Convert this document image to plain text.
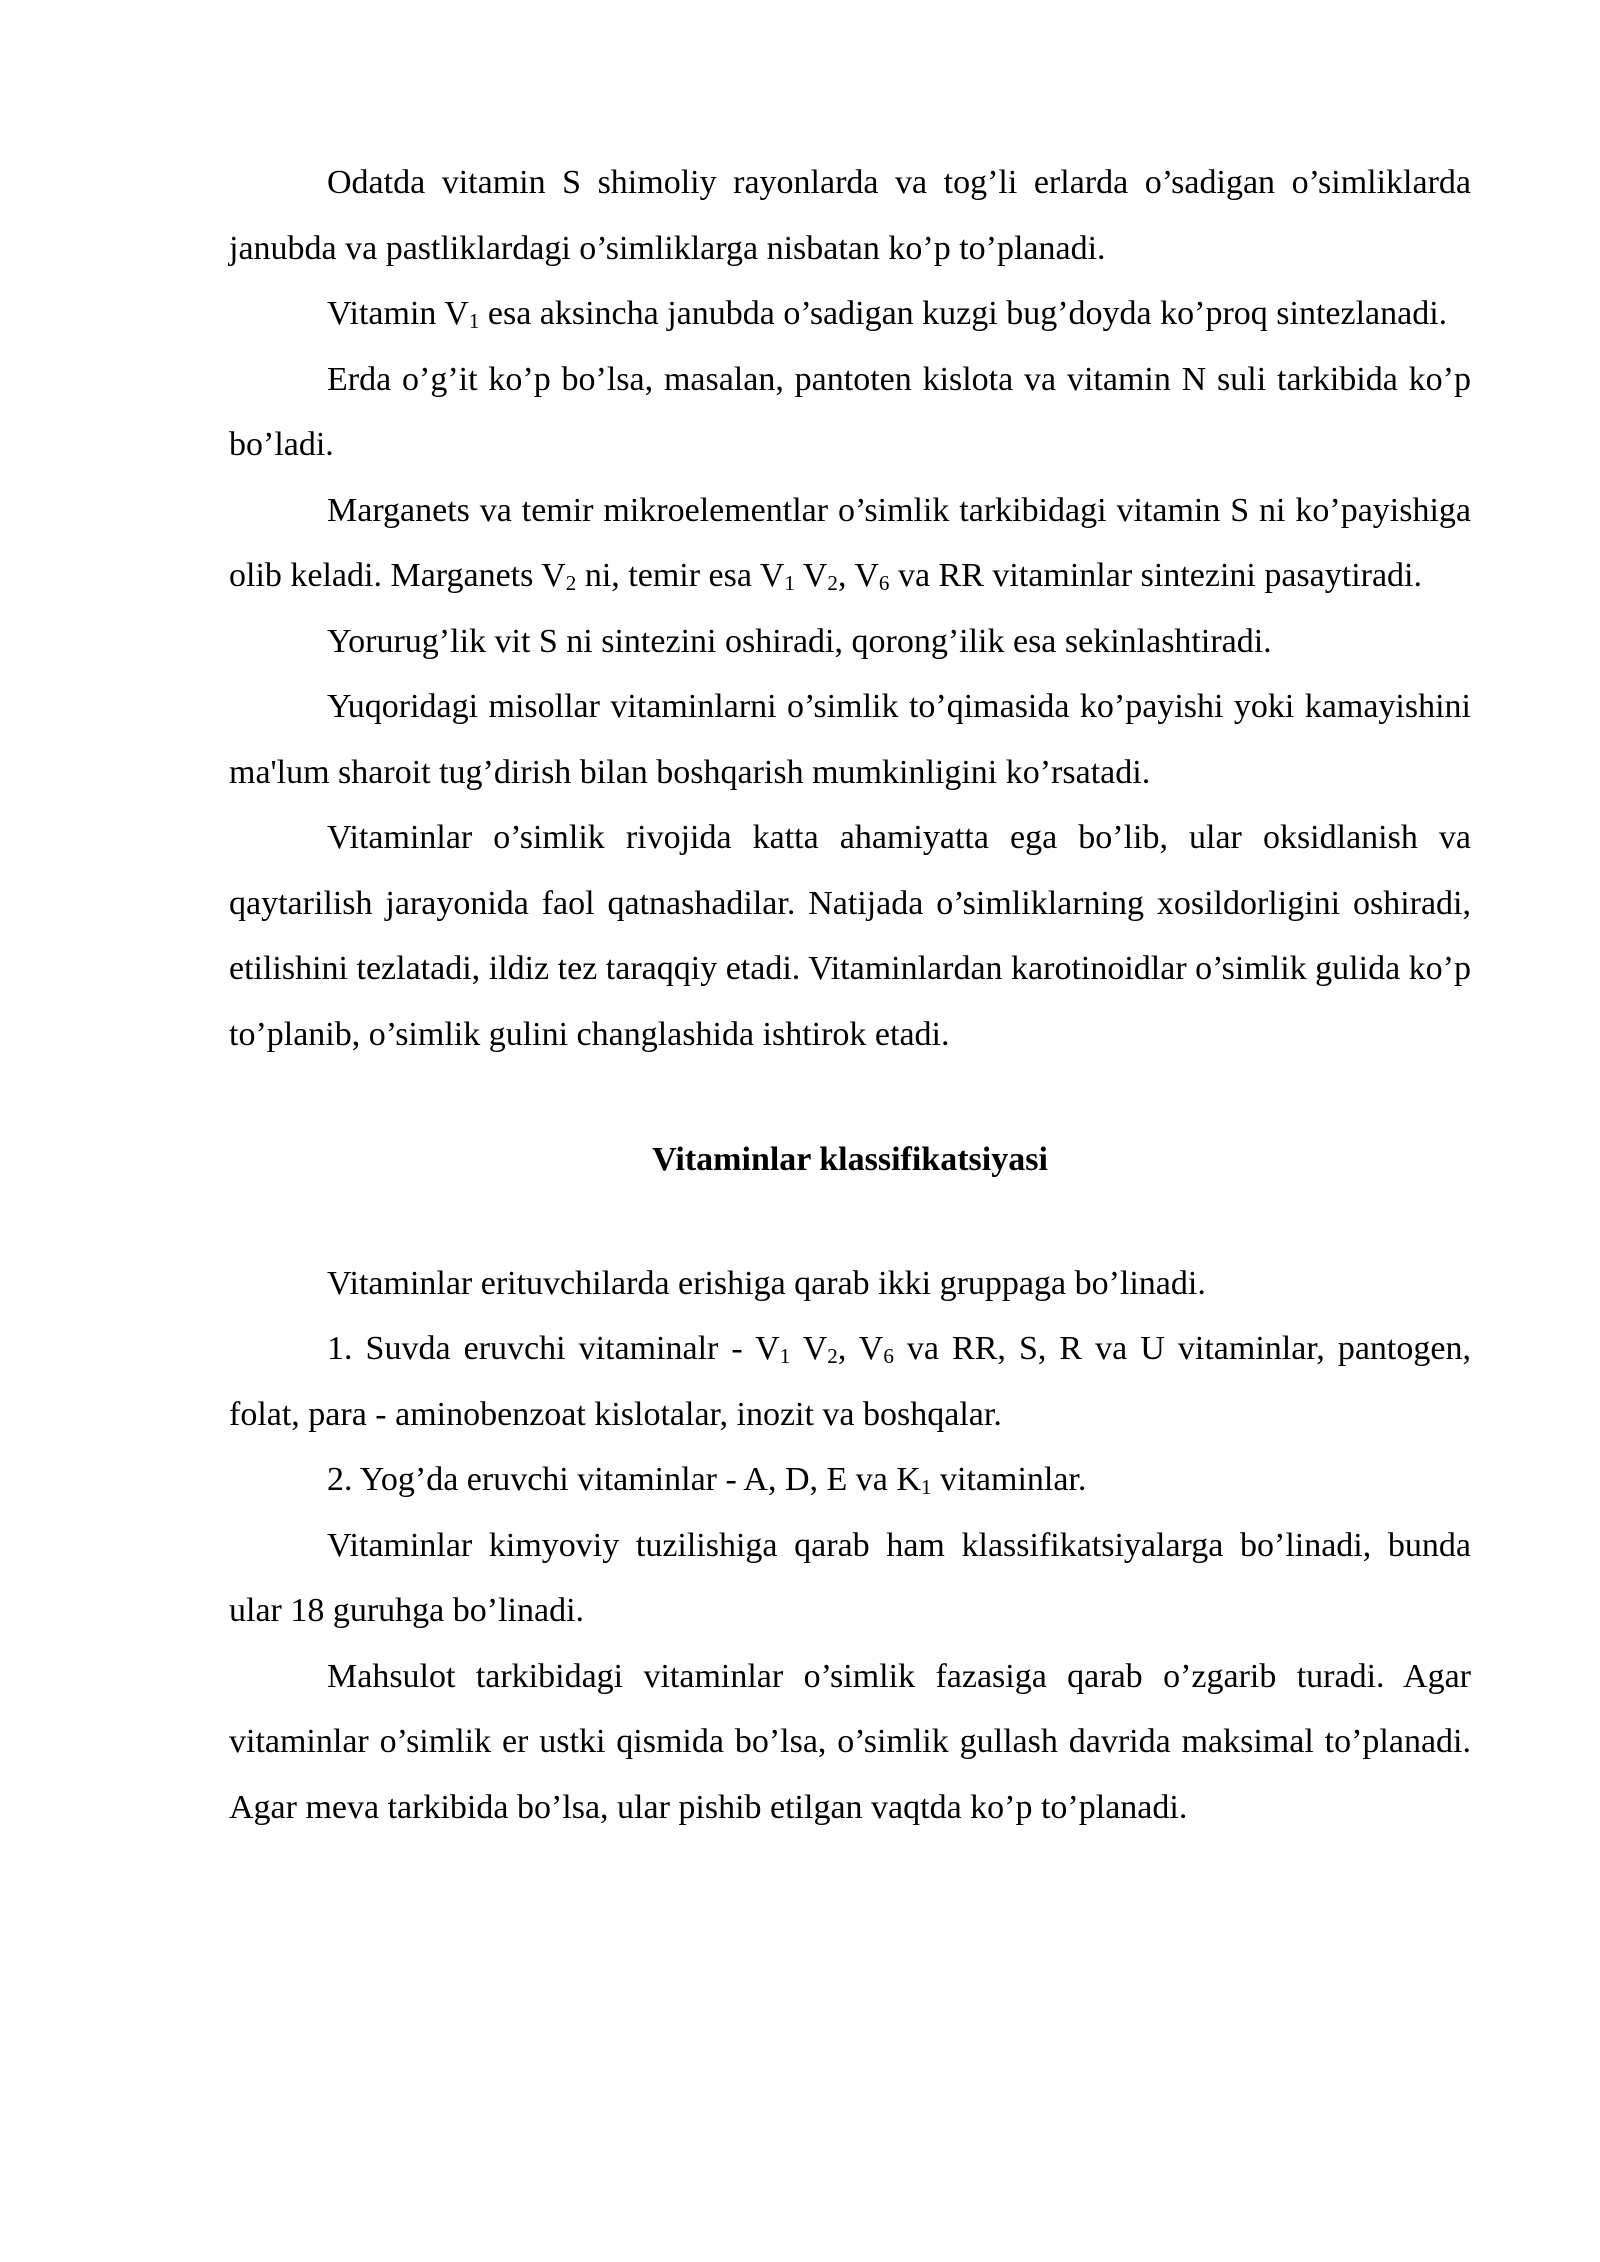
Odatda vitamin S shimoliy rayonlarda va tog’li erlarda o’sadigan o’simliklarda janubda va pastliklardagi o’simliklarga nisbatan ko’p to’planadi.

Vitamin $V_1$ esa aksincha janubda o’sadigan kuzgi bug’doyda ko’proq sintezlanadi.

Erda o’g’it ko’p bo’lsa, masalan, pantoten kislota va vitamin N suli tarkibida ko’p bo’ladi.

Marganets va temir mikroelementlar o’simlik tarkibidagi vitamin S ni ko’payishiga olib keladi. Marganets $V_2$ ni, temir esa $V_1$ $V_2$, $V_6$ va RR vitaminlar sintezini pasaytiradi.

Yorurug’lik vit S ni sintezini oshiradi, qorong’ilik esa sekinlashtiradi.

Yuqoridagi misollar vitaminlarni o’simlik to’qimasida ko’payishi yoki kamayishini ma'lum sharoit tug’dirish bilan boshqarish mumkinligini ko’rsatadi.

Vitaminlar o’simlik rivojida katta ahamiyatta ega bo’lib, ular oksidlanish va qaytarilish jarayonida faol qatnashadilar. Natijada o’simliklarning xosildorligini oshiradi, etilishini tezlatadi, ildiz tez taraqqiy etadi. Vitaminlardan karotinoidlar o’simlik gulida ko’p to’planib, o’simlik gulini changlashida ishtirok etadi.

Vitaminlar klassifikatsiyasi

Vitaminlar erituvchilarda erishiga qarab ikki gruppaga bo’linadi.

1. Suvda eruvchi vitaminalr - $V_1$ $V_2$, $V_6$ va RR, S, R va U vitaminlar, pantogen, folat, para - aminobenzoat kislotalar, inozit va boshqalar.

2. Yog’da eruvchi vitaminlar - A, D, E va $K_1$ vitaminlar.

Vitaminlar kimyoviy tuzilishiga qarab ham klassifikatsiyalarga bo’linadi, bunda ular 18 guruhga bo’linadi.

Mahsulot tarkibidagi vitaminlar o’simlik fazasiga qarab o’zgarib turadi. Agar vitaminlar o’simlik er ustki qismida bo’lsa, o’simlik gullash davrida maksimal to’planadi. Agar meva tarkibida bo’lsa, ular pishib etilgan vaqtda ko’p to’planadi.
